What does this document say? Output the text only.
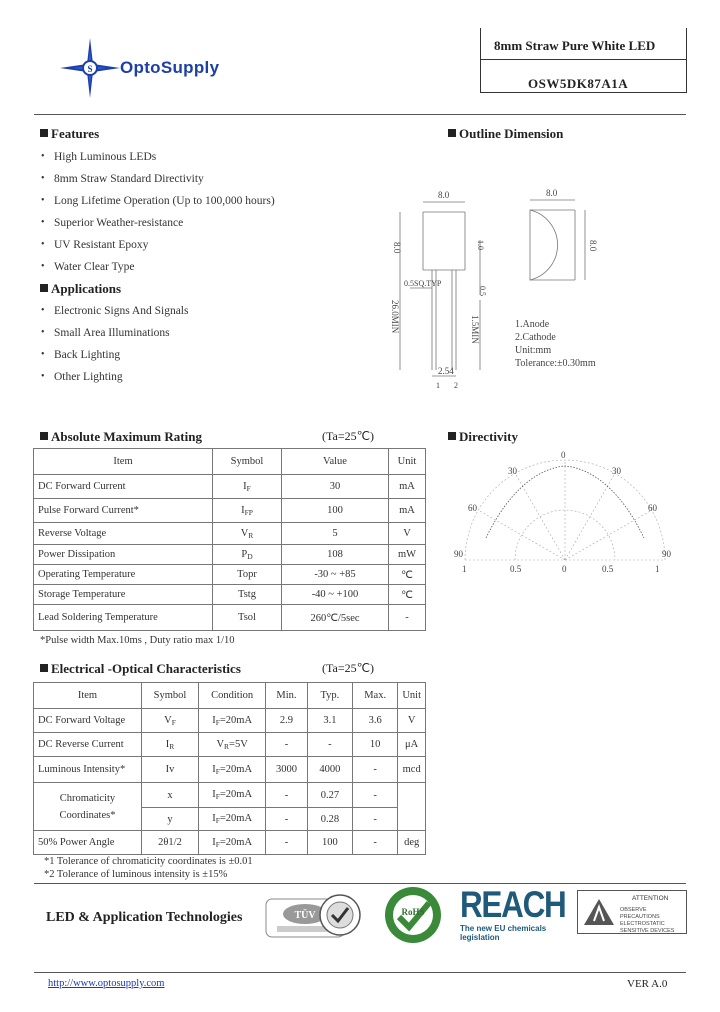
S OptoSupply
8mm Straw Pure White LED
OSW5DK87A1A
Features
• High Luminous LEDs
• 8mm Straw Standard Directivity
• Long Lifetime Operation (Up to 100,000 hours)
• Superior Weather-resistance
• UV Resistant Epoxy
• Water Clear Type
Applications
• Electronic Signs And Signals
• Small Area Illuminations
• Back Lighting
• Other Lighting
Outline Dimension
8.0
8.0
8.0
8.0
0.5SQ.TYP
26.0MIN	1.5MIN
2.54
1.0
0.5
1 2
1.Anode
2.Cathode
Unit:mm
Tolerance:±0.30mm
Absolute Maximum Rating	(Ta=25℃)
Item	Symbol	Value	Unit
DC Forward Current	$I_F$	30	mA
Pulse Forward Current*	$I_{FP}$	100	mA
Reverse Voltage	$V_R$	5	V
Power Dissipation	$P_D$	108	mW
Operating Temperature	Topr	-30 ~ +85	℃
Storage Temperature	Tstg	-40 ~ +100	℃
Lead Soldering Temperature	Tsol	260℃/5sec	-
*Pulse width Max.10ms , Duty ratio max 1/10
Directivity
0
30	30
60	60
90	90
1	0.5	0	0.5	1
Electrical -Optical Characteristics	(Ta=25℃)
Item	Symbol	Condition	Min.	Typ.	Max.	Unit
DC Forward Voltage	$V_F$	$I_F=20mA$	2.9	3.1	3.6	V
DC Reverse Current	$I_R$	$V_R=5V$	-	-	10	μA
Luminous Intensity*	Iv	$I_F=20mA$	3000	4000	-	mcd

Chromaticity
Coordinates*	x	$I_F=20mA$	-	0.27	-	
	y	$I_F=20mA$	-	0.28	-	
50% Power Angle	2θ1/2	$I_F=20mA$	-	100	-	deg
*1 Tolerance of chromaticity coordinates is ±0.01
*2 Tolerance of luminous intensity is ±15%
LED & Application Technologies	TÜV	RoHS REACH
The new EU chemicals legislation
ATTENTION
OBSERVE PRECAUTIONS
ELECTROSTATIC
SENSITIVE DEVICES
http://www.optosupply.com	VER A.0
